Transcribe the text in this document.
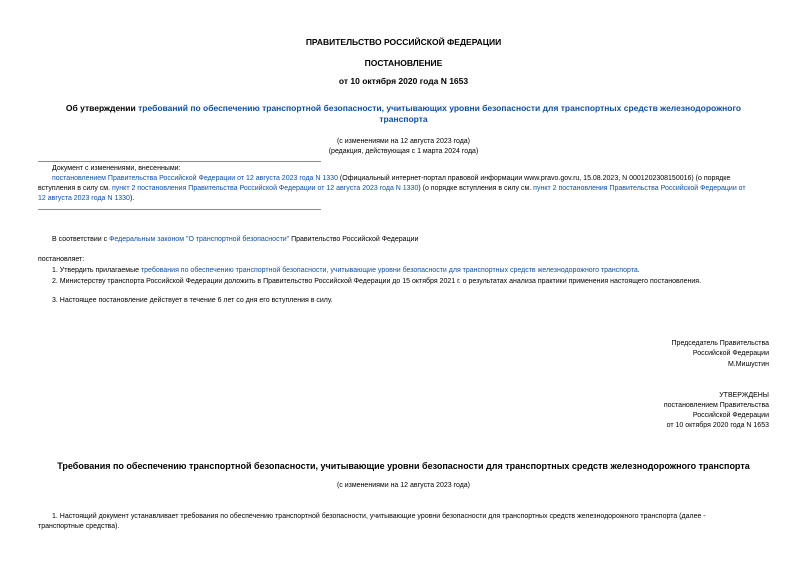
ПРАВИТЕЛЬСТВО РОССИЙСКОЙ ФЕДЕРАЦИИ
ПОСТАНОВЛЕНИЕ
от 10 октября 2020 года N 1653
Об утверждении требований по обеспечению транспортной безопасности, учитывающих уровни безопасности для транспортных средств железнодорожного
транспорта
(с изменениями на 12 августа 2023 года)
(редакция, действующая с 1 марта 2024 года)
Документ с изменениями, внесенными:
постановлением Правительства Российской Федерации от 12 августа 2023 года N 1330 (Официальный интернет-портал правовой информации www.pravo.gov.ru, 15.08.2023, N 0001202308150016) (о порядке
вступления в силу см. пункт 2 постановления Правительства Российской Федерации от 12 августа 2023 года N 1330) (о порядке вступления в силу см. пункт 2 постановления Правительства Российской Федерации от
12 августа 2023 года N 1330).
В соответствии с Федеральным законом "О транспортной безопасности" Правительство Российской Федерации
постановляет:
1. Утвердить прилагаемые требования по обеспечению транспортной безопасности, учитывающие уровни безопасности для транспортных средств железнодорожного транспорта.
2. Министерству транспорта Российской Федерации доложить в Правительство Российской Федерации до 15 октября 2021 г. о результатах анализа практики применения настоящего постановления.
3. Настоящее постановление действует в течение 6 лет со дня его вступления в силу.
Председатель Правительства
Российской Федерации
М.Мишустин
УТВЕРЖДЕНЫ
постановлением Правительства
Российской Федерации
от 10 октября 2020 года N 1653
Требования по обеспечению транспортной безопасности, учитывающие уровни безопасности для транспортных средств железнодорожного транспорта
(с изменениями на 12 августа 2023 года)
1. Настоящий документ устанавливает требования по обеспечению транспортной безопасности, учитывающие уровни безопасности для транспортных средств железнодорожного транспорта (далее -
транспортные средства).
